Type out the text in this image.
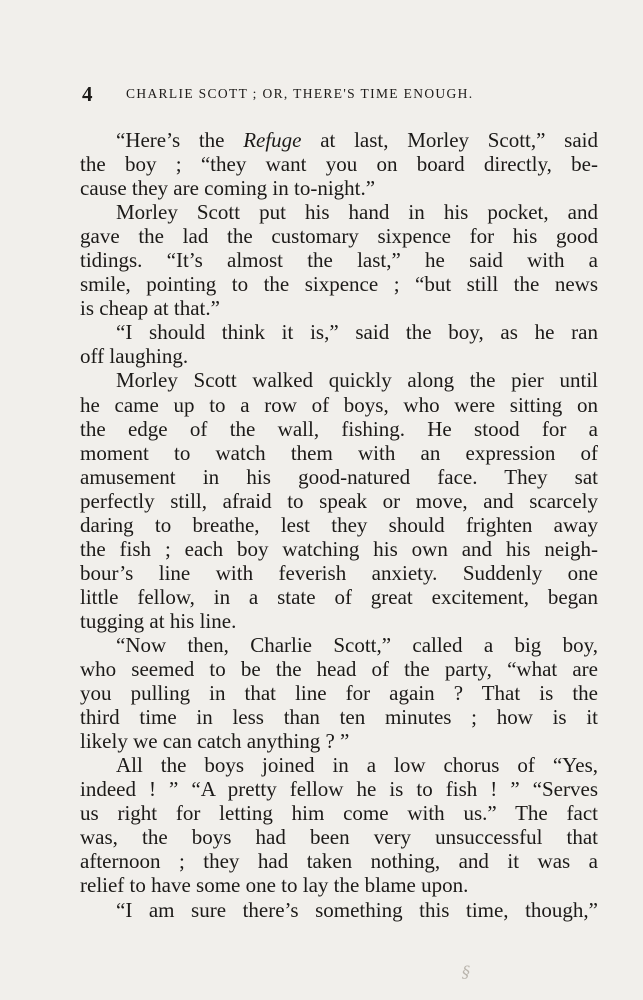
4 CHARLIE SCOTT ; OR, THERE'S TIME ENOUGH.
“Here’s the Refuge at last, Morley Scott,” said
the boy ; “they want you on board directly, be-
cause they are coming in to-night.”
Morley Scott put his hand in his pocket, and
gave the lad the customary sixpence for his good
tidings. “It’s almost the last,” he said with a
smile, pointing to the sixpence ; “but still the news
is cheap at that.”
“I should think it is,” said the boy, as he ran
off laughing.
Morley Scott walked quickly along the pier until
he came up to a row of boys, who were sitting on
the edge of the wall, fishing. He stood for a
moment to watch them with an expression of
amusement in his good-natured face. They sat
perfectly still, afraid to speak or move, and scarcely
daring to breathe, lest they should frighten away
the fish ; each boy watching his own and his neigh-
bour’s line with feverish anxiety. Suddenly one
little fellow, in a state of great excitement, began
tugging at his line.
“Now then, Charlie Scott,” called a big boy,
who seemed to be the head of the party, “what are
you pulling in that line for again ? That is the
third time in less than ten minutes ; how is it
likely we can catch anything ? ”
All the boys joined in a low chorus of “Yes,
indeed ! ” “A pretty fellow he is to fish ! ” “Serves
us right for letting him come with us.” The fact
was, the boys had been very unsuccessful that
afternoon ; they had taken nothing, and it was a
relief to have some one to lay the blame upon.
“I am sure there’s something this time, though,”
§
